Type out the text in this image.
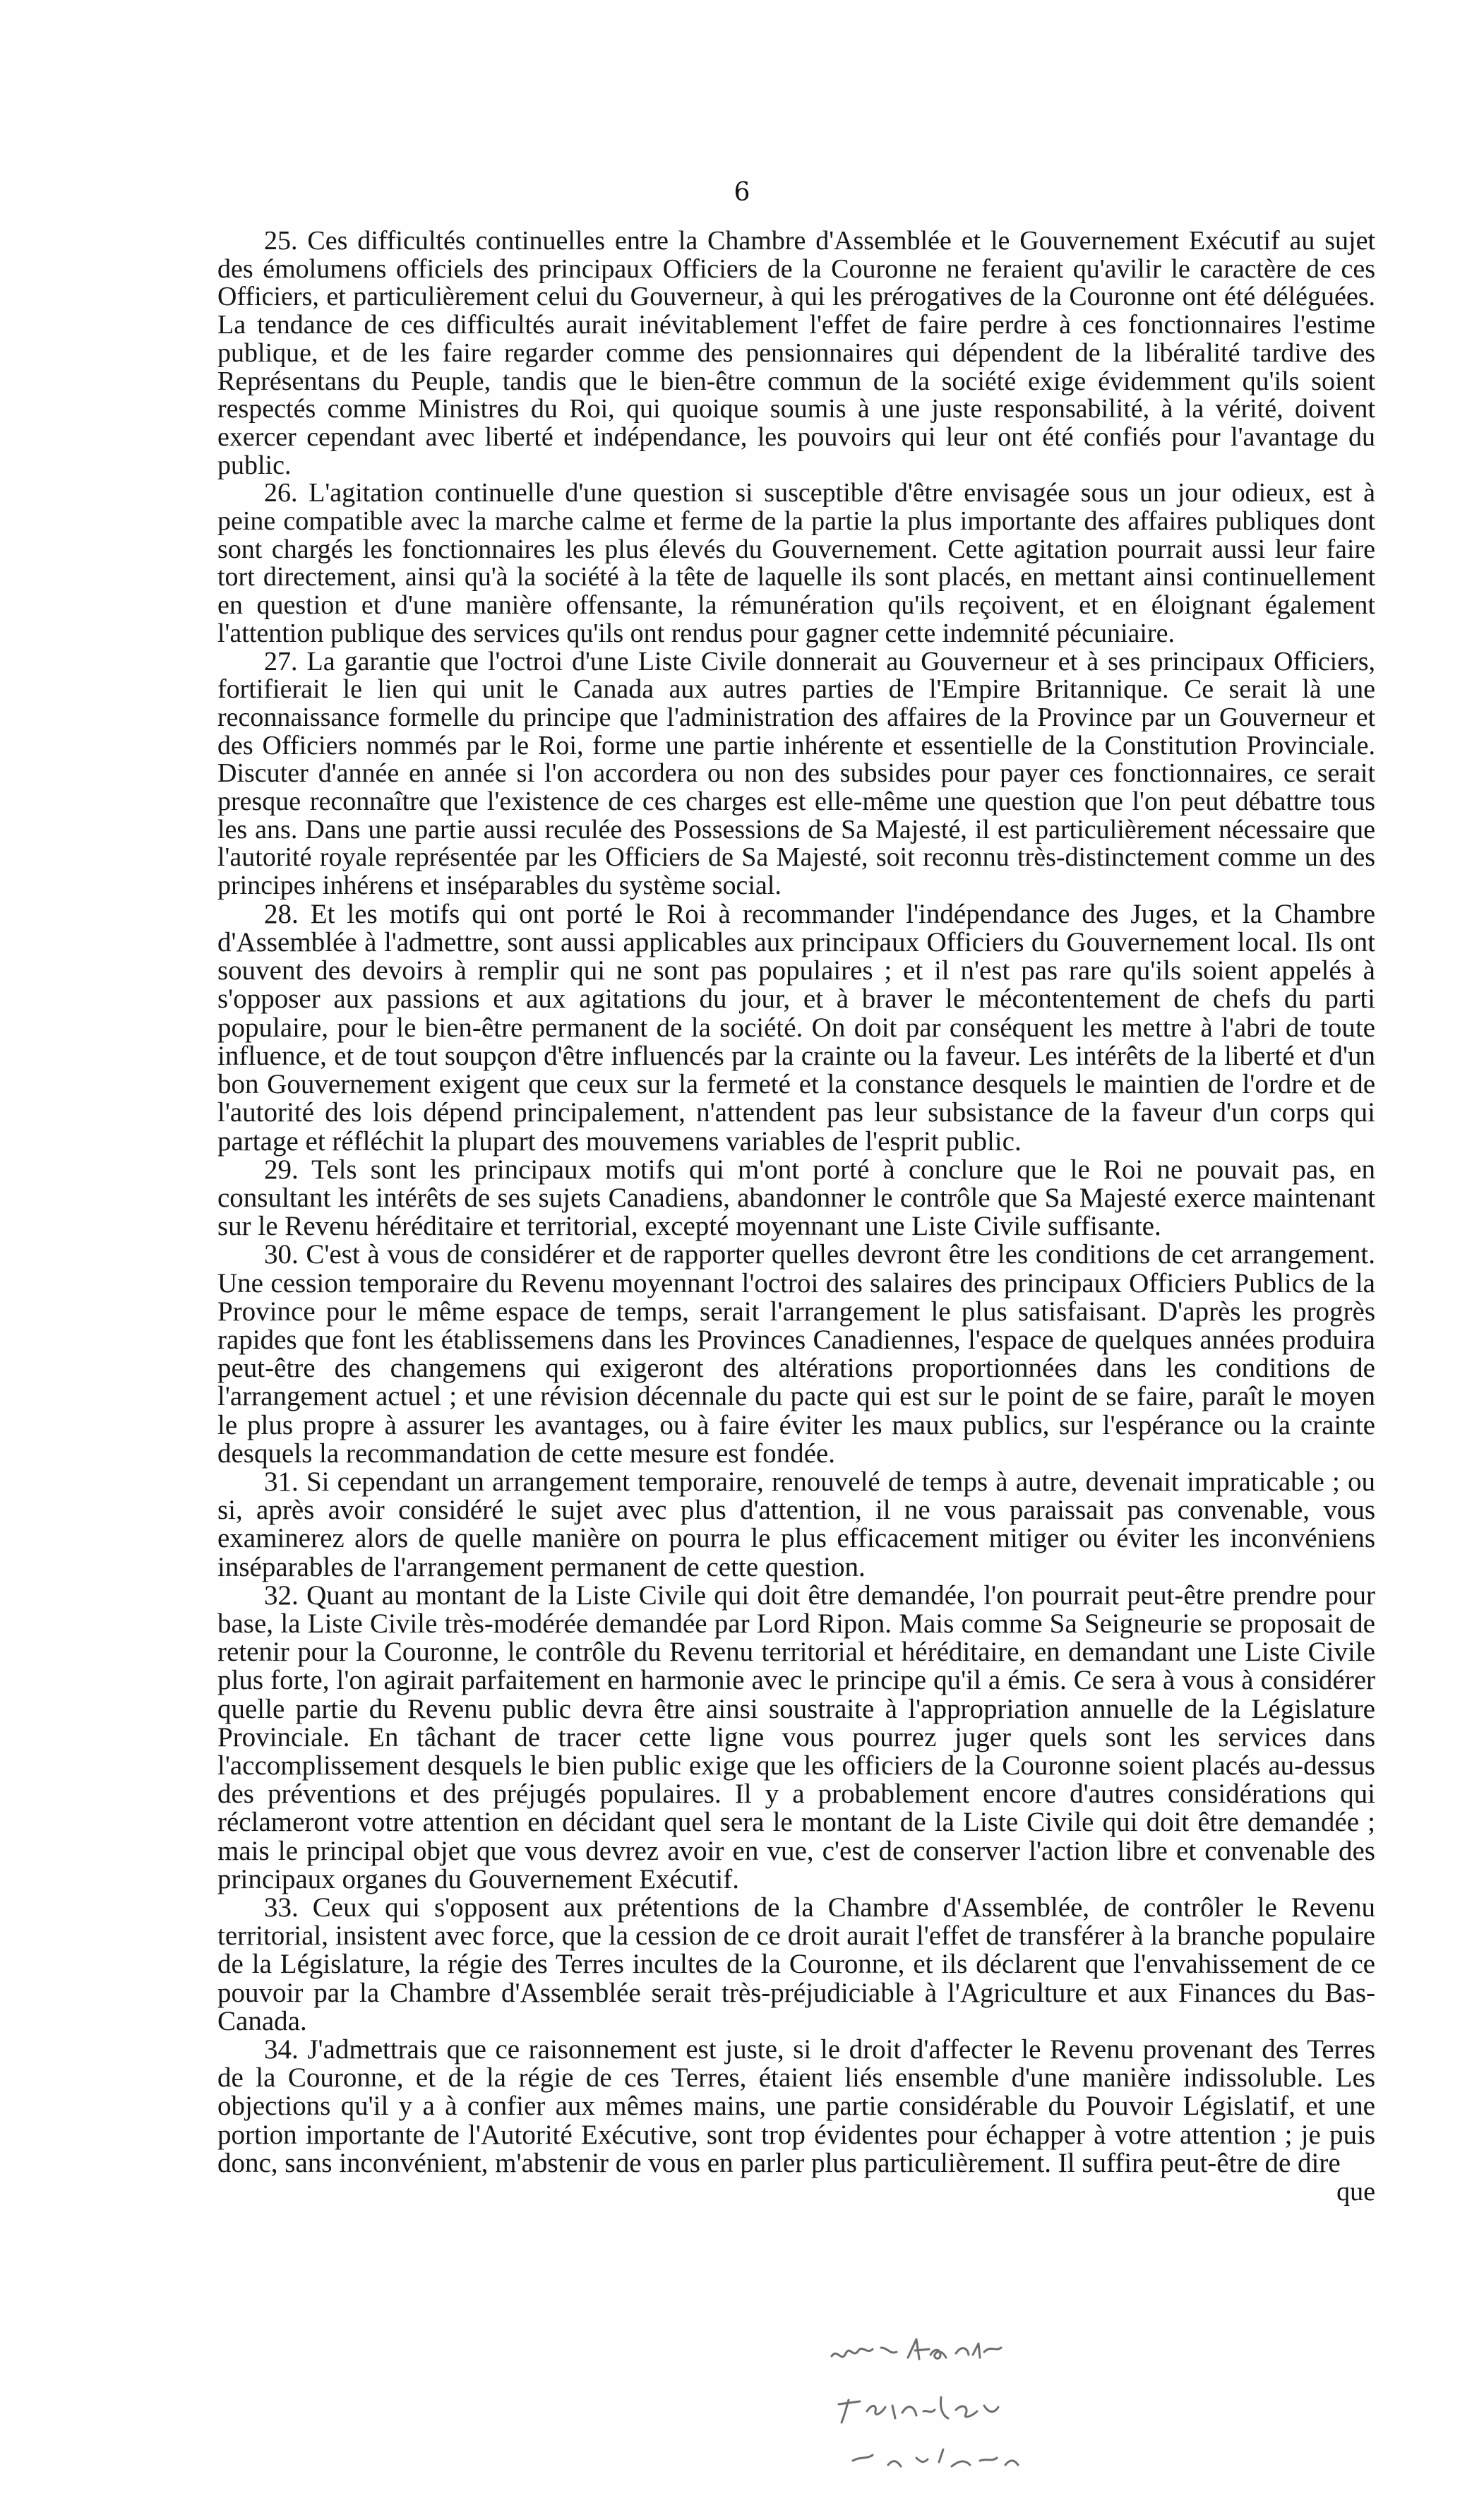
6

25. Ces difficultés continuelles entre la Chambre d'Assemblée et le Gouvernement Exécutif au sujet des émolumens officiels des principaux Officiers de la Couronne ne feraient qu'avilir le caractère de ces Officiers, et particulièrement celui du Gouverneur, à qui les prérogatives de la Couronne ont été déléguées. La tendance de ces difficultés aurait inévitablement l'effet de faire perdre à ces fonctionnaires l'estime publique, et de les faire regarder comme des pensionnaires qui dépendent de la libéralité tardive des Représentans du Peuple, tandis que le bien-être commun de la société exige évidemment qu'ils soient respectés comme Ministres du Roi, qui quoique soumis à une juste responsabilité, à la vérité, doivent exercer cependant avec liberté et indépendance, les pouvoirs qui leur ont été confiés pour l'avantage du public.

26. L'agitation continuelle d'une question si susceptible d'être envisagée sous un jour odieux, est à peine compatible avec la marche calme et ferme de la partie la plus importante des affaires publiques dont sont chargés les fonctionnaires les plus élevés du Gouvernement. Cette agitation pourrait aussi leur faire tort directement, ainsi qu'à la société à la tête de laquelle ils sont placés, en mettant ainsi continuellement en question et d'une manière offensante, la rémunération qu'ils reçoivent, et en éloignant également l'attention publique des services qu'ils ont rendus pour gagner cette indemnité pécuniaire.

27. La garantie que l'octroi d'une Liste Civile donnerait au Gouverneur et à ses principaux Officiers, fortifierait le lien qui unit le Canada aux autres parties de l'Empire Britannique. Ce serait là une reconnaissance formelle du principe que l'administration des affaires de la Province par un Gouverneur et des Officiers nommés par le Roi, forme une partie inhérente et essentielle de la Constitution Provinciale. Discuter d'année en année si l'on accordera ou non des subsides pour payer ces fonctionnaires, ce serait presque reconnaître que l'existence de ces charges est elle-même une question que l'on peut débattre tous les ans. Dans une partie aussi reculée des Possessions de Sa Majesté, il est particulièrement nécessaire que l'autorité royale représentée par les Officiers de Sa Majesté, soit reconnu très-distinctement comme un des principes inhérens et inséparables du système social.

28. Et les motifs qui ont porté le Roi à recommander l'indépendance des Juges, et la Chambre d'Assemblée à l'admettre, sont aussi applicables aux principaux Officiers du Gouvernement local. Ils ont souvent des devoirs à remplir qui ne sont pas populaires ; et il n'est pas rare qu'ils soient appelés à s'opposer aux passions et aux agitations du jour, et à braver le mécontentement de chefs du parti populaire, pour le bien-être permanent de la société. On doit par conséquent les mettre à l'abri de toute influence, et de tout soupçon d'être influencés par la crainte ou la faveur. Les intérêts de la liberté et d'un bon Gouvernement exigent que ceux sur la fermeté et la constance desquels le maintien de l'ordre et de l'autorité des lois dépend principalement, n'attendent pas leur subsistance de la faveur d'un corps qui partage et réfléchit la plupart des mouvemens variables de l'esprit public.

29. Tels sont les principaux motifs qui m'ont porté à conclure que le Roi ne pouvait pas, en consultant les intérêts de ses sujets Canadiens, abandonner le contrôle que Sa Majesté exerce maintenant sur le Revenu héréditaire et territorial, excepté moyennant une Liste Civile suffisante.

30. C'est à vous de considérer et de rapporter quelles devront être les conditions de cet arrangement. Une cession temporaire du Revenu moyennant l'octroi des salaires des principaux Officiers Publics de la Province pour le même espace de temps, serait l'arrangement le plus satisfaisant. D'après les progrès rapides que font les établissemens dans les Provinces Canadiennes, l'espace de quelques années produira peut-être des changemens qui exigeront des altérations proportionnées dans les conditions de l'arrangement actuel ; et une révision décennale du pacte qui est sur le point de se faire, paraît le moyen le plus propre à assurer les avantages, ou à faire éviter les maux publics, sur l'espérance ou la crainte desquels la recommandation de cette mesure est fondée.

31. Si cependant un arrangement temporaire, renouvelé de temps à autre, devenait impraticable ; ou si, après avoir considéré le sujet avec plus d'attention, il ne vous paraissait pas convenable, vous examinerez alors de quelle manière on pourra le plus efficacement mitiger ou éviter les inconvéniens inséparables de l'arrangement permanent de cette question.

32. Quant au montant de la Liste Civile qui doit être demandée, l'on pourrait peut-être prendre pour base, la Liste Civile très-modérée demandée par Lord Ripon. Mais comme Sa Seigneurie se proposait de retenir pour la Couronne, le contrôle du Revenu territorial et héréditaire, en demandant une Liste Civile plus forte, l'on agirait parfaitement en harmonie avec le principe qu'il a émis. Ce sera à vous à considérer quelle partie du Revenu public devra être ainsi soustraite à l'appropriation annuelle de la Législature Provinciale. En tâchant de tracer cette ligne vous pourrez juger quels sont les services dans l'accomplissement desquels le bien public exige que les officiers de la Couronne soient placés au-dessus des préventions et des préjugés populaires. Il y a probablement encore d'autres considérations qui réclameront votre attention en décidant quel sera le montant de la Liste Civile qui doit être demandée ; mais le principal objet que vous devrez avoir en vue, c'est de conserver l'action libre et convenable des principaux organes du Gouvernement Exécutif.

33. Ceux qui s'opposent aux prétentions de la Chambre d'Assemblée, de contrôler le Revenu territorial, insistent avec force, que la cession de ce droit aurait l'effet de transférer à la branche populaire de la Législature, la régie des Terres incultes de la Couronne, et ils déclarent que l'envahissement de ce pouvoir par la Chambre d'Assemblée serait très-préjudiciable à l'Agriculture et aux Finances du Bas-Canada.

34. J'admettrais que ce raisonnement est juste, si le droit d'affecter le Revenu provenant des Terres de la Couronne, et de la régie de ces Terres, étaient liés ensemble d'une manière indissoluble. Les objections qu'il y a à confier aux mêmes mains, une partie considérable du Pouvoir Législatif, et une portion importante de l'Autorité Exécutive, sont trop évidentes pour échapper à votre attention ; je puis donc, sans inconvénient, m'abstenir de vous en parler plus particulièrement. Il suffira peut-être de dire

que
